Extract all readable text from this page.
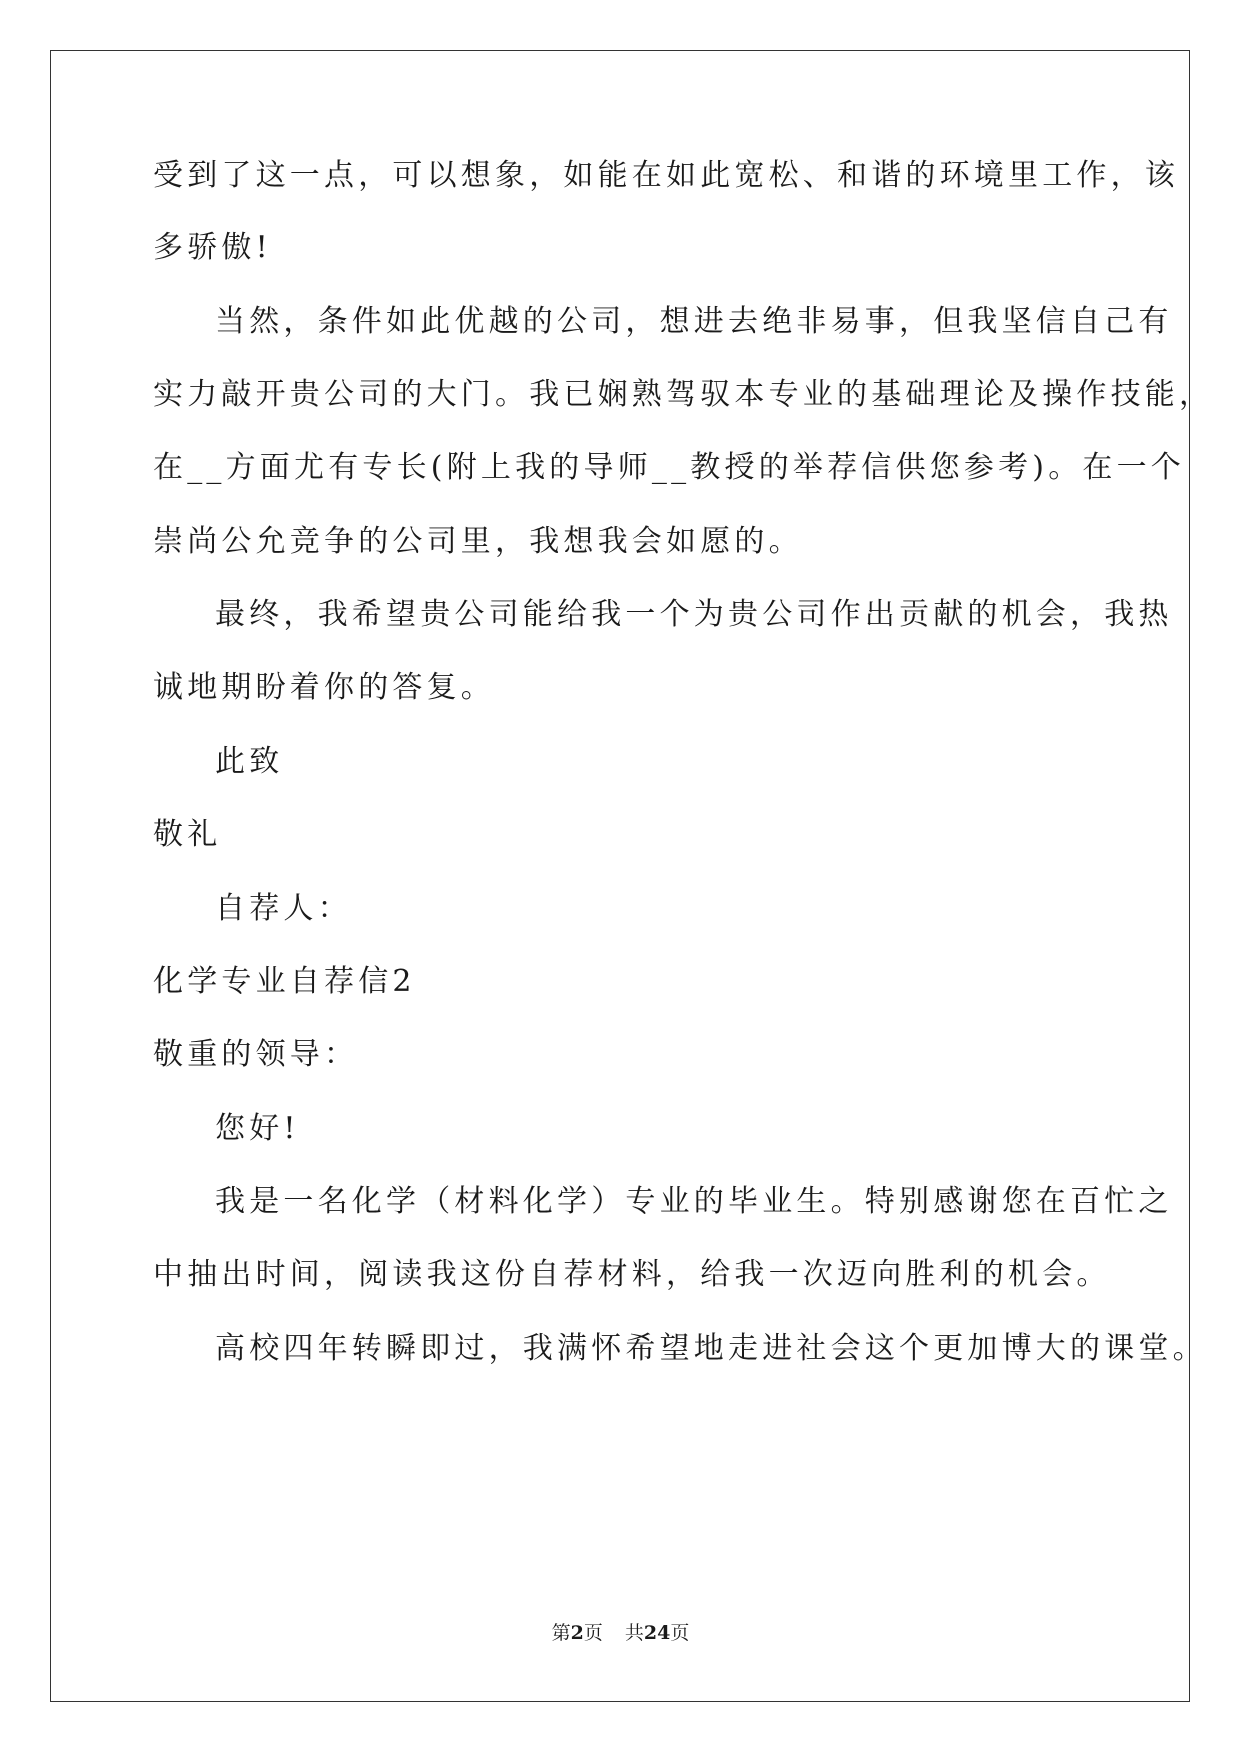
受到了这一点，可以想象，如能在如此宽松、和谐的环境里工作，该
多骄傲!
当然，条件如此优越的公司，想进去绝非易事，但我坚信自己有
实力敲开贵公司的大门。我已娴熟驾驭本专业的基础理论及操作技能，
在__方面尤有专长(附上我的导师__教授的举荐信供您参考)。在一个
崇尚公允竞争的公司里，我想我会如愿的。
最终，我希望贵公司能给我一个为贵公司作出贡献的机会，我热
诚地期盼着你的答复。
此致
敬礼
自荐人：
化学专业自荐信2
敬重的领导：
您好!
我是一名化学（材料化学）专业的毕业生。特别感谢您在百忙之
中抽出时间，阅读我这份自荐材料，给我一次迈向胜利的机会。
高校四年转瞬即过，我满怀希望地走进社会这个更加博大的课堂。
第2页 共24页
